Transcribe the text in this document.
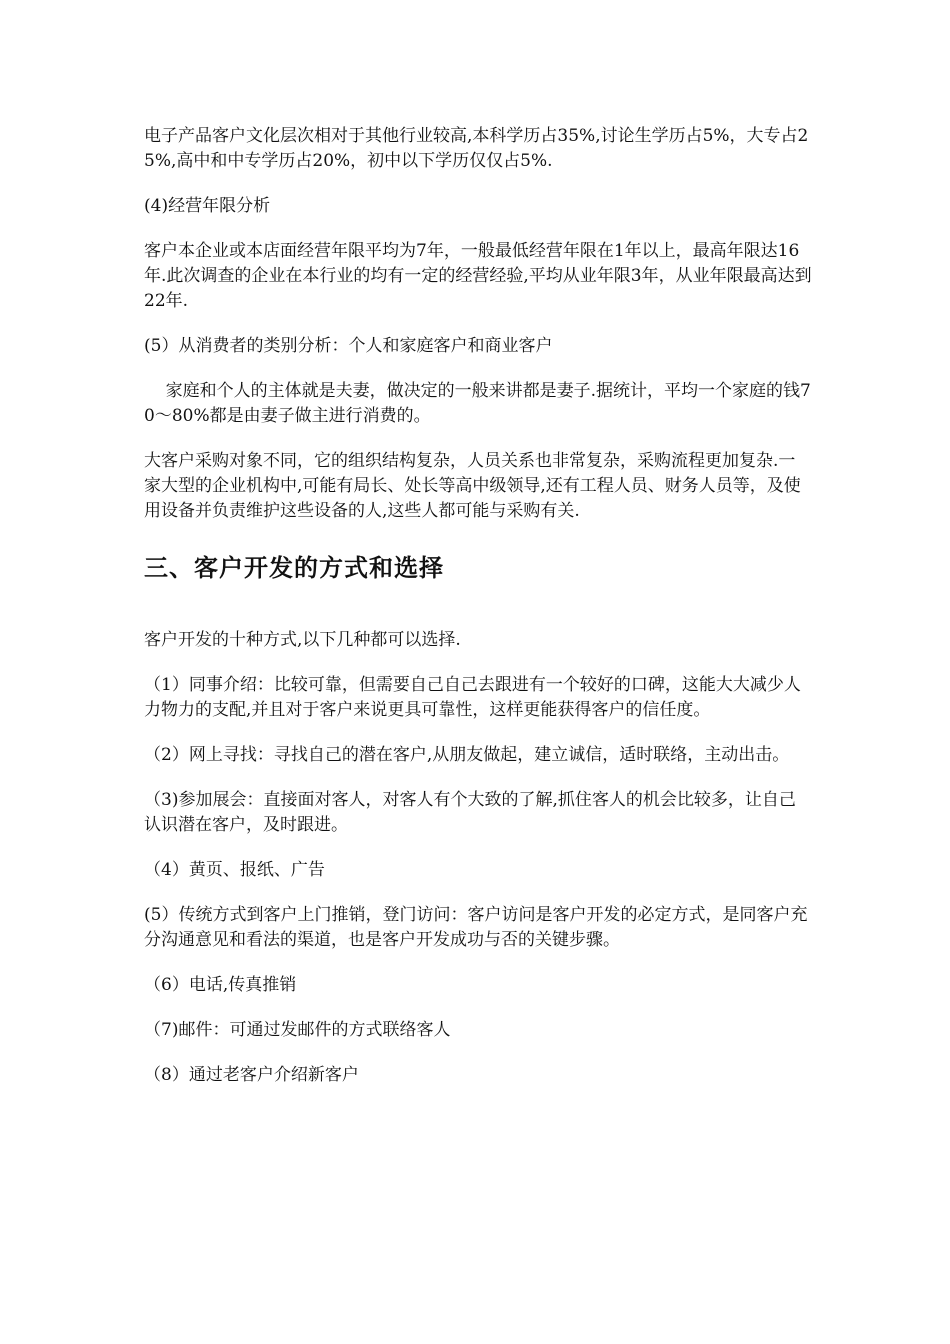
电子产品客户文化层次相对于其他行业较高,本科学历占35%,讨论生学历占5%，大专占25%,高中和中专学历占20%，初中以下学历仅仅占5%.

(4)经营年限分析

客户本企业或本店面经营年限平均为7年，一般最低经营年限在1年以上，最高年限达16年.此次调查的企业在本行业的均有一定的经营经验,平均从业年限3年，从业年限最高达到22年.

(5）从消费者的类别分析：个人和家庭客户和商业客户

家庭和个人的主体就是夫妻，做决定的一般来讲都是妻子.据统计，平均一个家庭的钱70～80%都是由妻子做主进行消费的。

大客户采购对象不同，它的组织结构复杂，人员关系也非常复杂，采购流程更加复杂.一家大型的企业机构中,可能有局长、处长等高中级领导,还有工程人员、财务人员等，及使用设备并负责维护这些设备的人,这些人都可能与采购有关.

三、客户开发的方式和选择

客户开发的十种方式,以下几种都可以选择.

（1）同事介绍：比较可靠，但需要自己自己去跟进有一个较好的口碑，这能大大减少人力物力的支配,并且对于客户来说更具可靠性，这样更能获得客户的信任度。

（2）网上寻找：寻找自己的潜在客户,从朋友做起，建立诚信，适时联络，主动出击。

（3)参加展会：直接面对客人，对客人有个大致的了解,抓住客人的机会比较多，让自己认识潜在客户，及时跟进。

（4）黄页、报纸、广告

(5）传统方式到客户上门推销，登门访问：客户访问是客户开发的必定方式，是同客户充分沟通意见和看法的渠道，也是客户开发成功与否的关键步骤。

（6）电话,传真推销

（7)邮件：可通过发邮件的方式联络客人

（8）通过老客户介绍新客户
